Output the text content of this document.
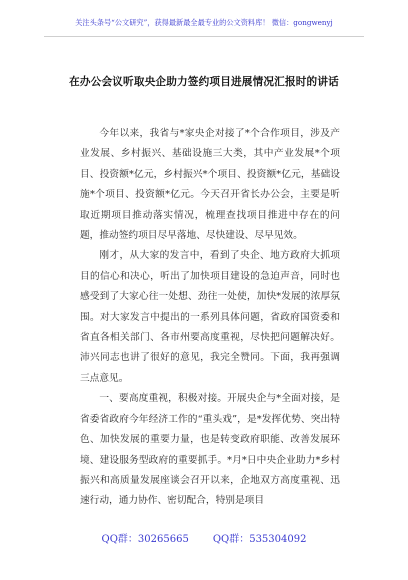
关注头条号“公文研究”，获得最新最全最专业的公文资料库！ 微信：gongwenyj
在办公会议听取央企助力签约项目进展情况汇报时的讲话

今年以来，我省与*家央企对接了*个合作项目，涉及产业发展、乡村振兴、基础设施三大类，其中产业发展*个项目、投资额*亿元，乡村振兴*个项目、投资额*亿元，基础设施*个项目、投资额*亿元。今天召开省长办公会，主要是听取近期项目推动落实情况，梳理查找项目推进中存在的问题，推动签约项目尽早落地、尽快建设、尽早见效。

刚才，从大家的发言中，看到了央企、地方政府大抓项目的信心和决心，听出了加快项目建设的急迫声音，同时也感受到了大家心往一处想、劲往一处使，加快*发展的浓厚氛围。对大家发言中提出的一系列具体问题，省政府国资委和省直各相关部门、各市州要高度重视，尽快把问题解决好。沛兴同志也讲了很好的意见，我完全赞同。下面，我再强调三点意见。

一、要高度重视，积极对接。开展央企与*全面对接，是省委省政府今年经济工作的“重头戏”，是*发挥优势、突出特色、加快发展的重要力量，也是转变政府职能、改善发展环境、建设服务型政府的重要抓手。*月*日中央企业助力*乡村振兴和高质量发展座谈会召开以来，企地双方高度重视、迅速行动，通力协作、密切配合，特别是项目

QQ群：30265665 QQ群：535304092
